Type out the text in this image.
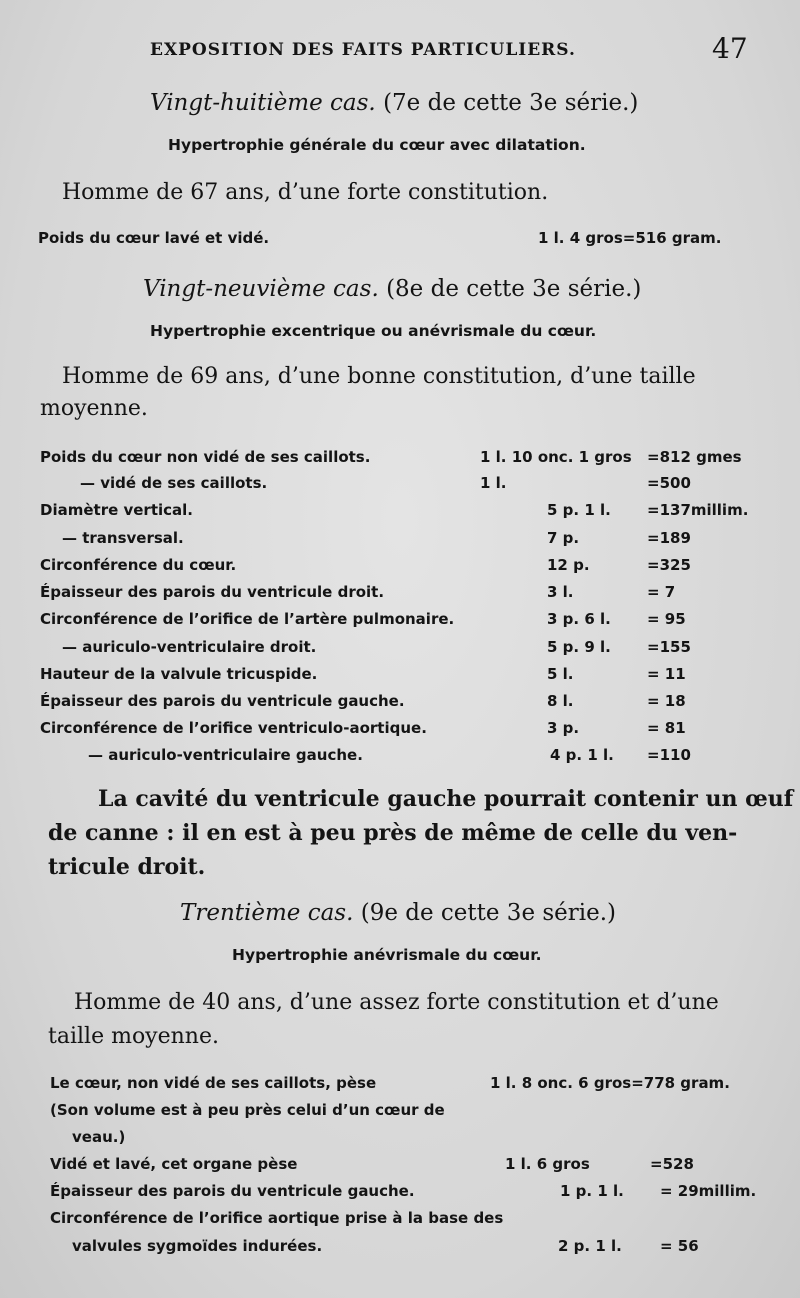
EXPOSITION DES FAITS PARTICULIERS.	47
Vingt-huitième cas. (7e de cette 3e série.)
Hypertrophie générale du cœur avec dilatation.
Homme de 67 ans, d’une forte constitution.
Poids du cœur lavé et vidé.	1 l. 4 gros=516 gram.
Vingt-neuvième cas. (8e de cette 3e série.)
Hypertrophie excentrique ou anévrismale du cœur.
Homme de 69 ans, d’une bonne constitution, d’une taille
moyenne.
Poids du cœur non vidé de ses caillots.	1 l. 10 onc. 1 gros =812 gmes
— vidé de ses caillots.	1 l.	=500
Diamètre vertical.	5 p. 1 l. =137millim.
— transversal.	7 p.	=189
Circonférence du cœur.	12 p.	=325
Épaisseur des parois du ventricule droit.	3 l.	= 7
Circonférence de l’orifice de l’artère pulmonaire.	3 p. 6 l. = 95
— auriculo-ventriculaire droit.	5 p. 9 l. =155
Hauteur de la valvule tricuspide.	5 l.	= 11
Épaisseur des parois du ventricule gauche.	8 l.	= 18
Circonférence de l’orifice ventriculo-aortique.	3 p.	= 81
— auriculo-ventriculaire gauche.	4 p. 1 l. =110
La cavité du ventricule gauche pourrait contenir un œuf
de canne : il en est à peu près de même de celle du ven-
tricule droit.
Trentième cas. (9e de cette 3e série.)
Hypertrophie anévrismale du cœur.
Homme de 40 ans, d’une assez forte constitution et d’une
taille moyenne.
Le cœur, non vidé de ses caillots, pèse	1 l. 8 onc. 6 gros=778 gram.
(Son volume est à peu près celui d’un cœur de
veau.)
Vidé et lavé, cet organe pèse	1 l. 6 gros	=528
Épaisseur des parois du ventricule gauche.	1 p. 1 l. = 29millim.
Circonférence de l’orifice aortique prise à la base des
valvules sygmoïdes indurées.	2 p. 1 l.	= 56
